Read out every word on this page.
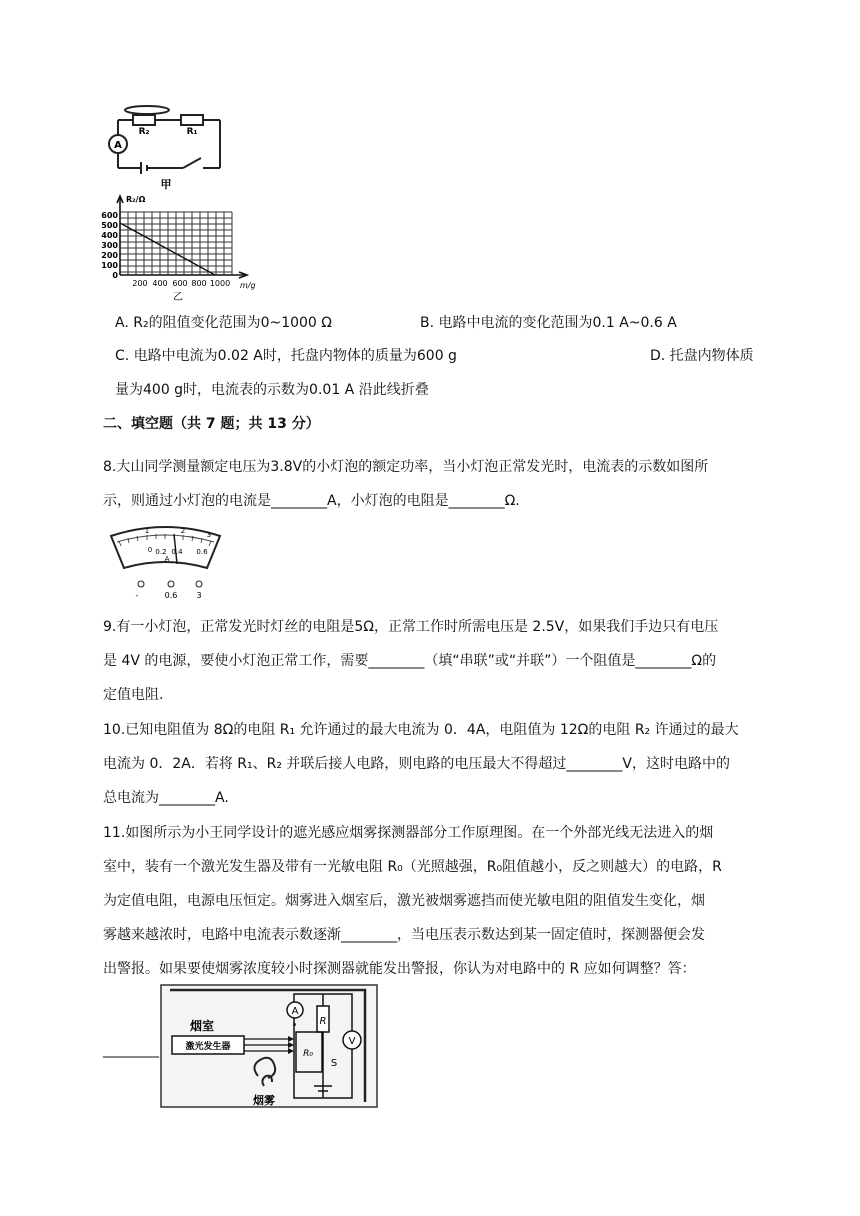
A
R₂	R₁
甲
R₂/Ω
m/g
600
500
400
300
200
100
0
200 400 600 800 1000
乙
A. R₂的阻值变化范围为0~1000 Ω	B. 电路中电流的变化范围为0.1 A~0.6 A
C. 电路中电流为0.02 A时，托盘内物体的质量为600 g	D. 托盘内物体质
量为400 g时，电流表的示数为0.01 A 沿此线折叠
二、填空题（共 7 题；共 13 分）

8.大山同学测量额定电压为3.8V的小灯泡的额定功率，当小灯泡正常发光时，电流表的示数如图所

示，则通过小灯泡的电流是________A，小灯泡的电阻是________Ω.

1	2	3
0 0.2 0.4 0.6
A
-	0.6 3

9.有一小灯泡，正常发光时灯丝的电阻是5Ω，正常工作时所需电压是 2.5V，如果我们手边只有电压

是 4V 的电源，要使小灯泡正常工作，需要________（填“串联”或“并联”）一个阻值是________Ω的

定值电阻.

10.已知电阻值为 8Ω的电阻 R₁ 允许通过的最大电流为 0．4A，电阻值为 12Ω的电阻 R₂ 许通过的最大

电流为 0．2A．若将 R₁、R₂ 并联后接人电路，则电路的电压最大不得超过________V，这时电路中的

总电流为________A.

11.如图所示为小王同学设计的遮光感应烟雾探测器部分工作原理图。在一个外部光线无法进入的烟

室中，装有一个激光发生器及带有一光敏电阻 R₀（光照越强，R₀阻值越小，反之则越大）的电路，R

为定值电阻，电源电压恒定。烟雾进入烟室后，激光被烟雾遮挡而使光敏电阻的阻值发生变化，烟

雾越来越浓时，电路中电流表示数逐渐________，当电压表示数达到某一固定值时，探测器便会发

出警报。如果要使烟雾浓度较小时探测器就能发出警报，你认为对电路中的 R 应如何调整？答：

________
烟室
激光发生器
A
V
R
R₀
S
烟雾
